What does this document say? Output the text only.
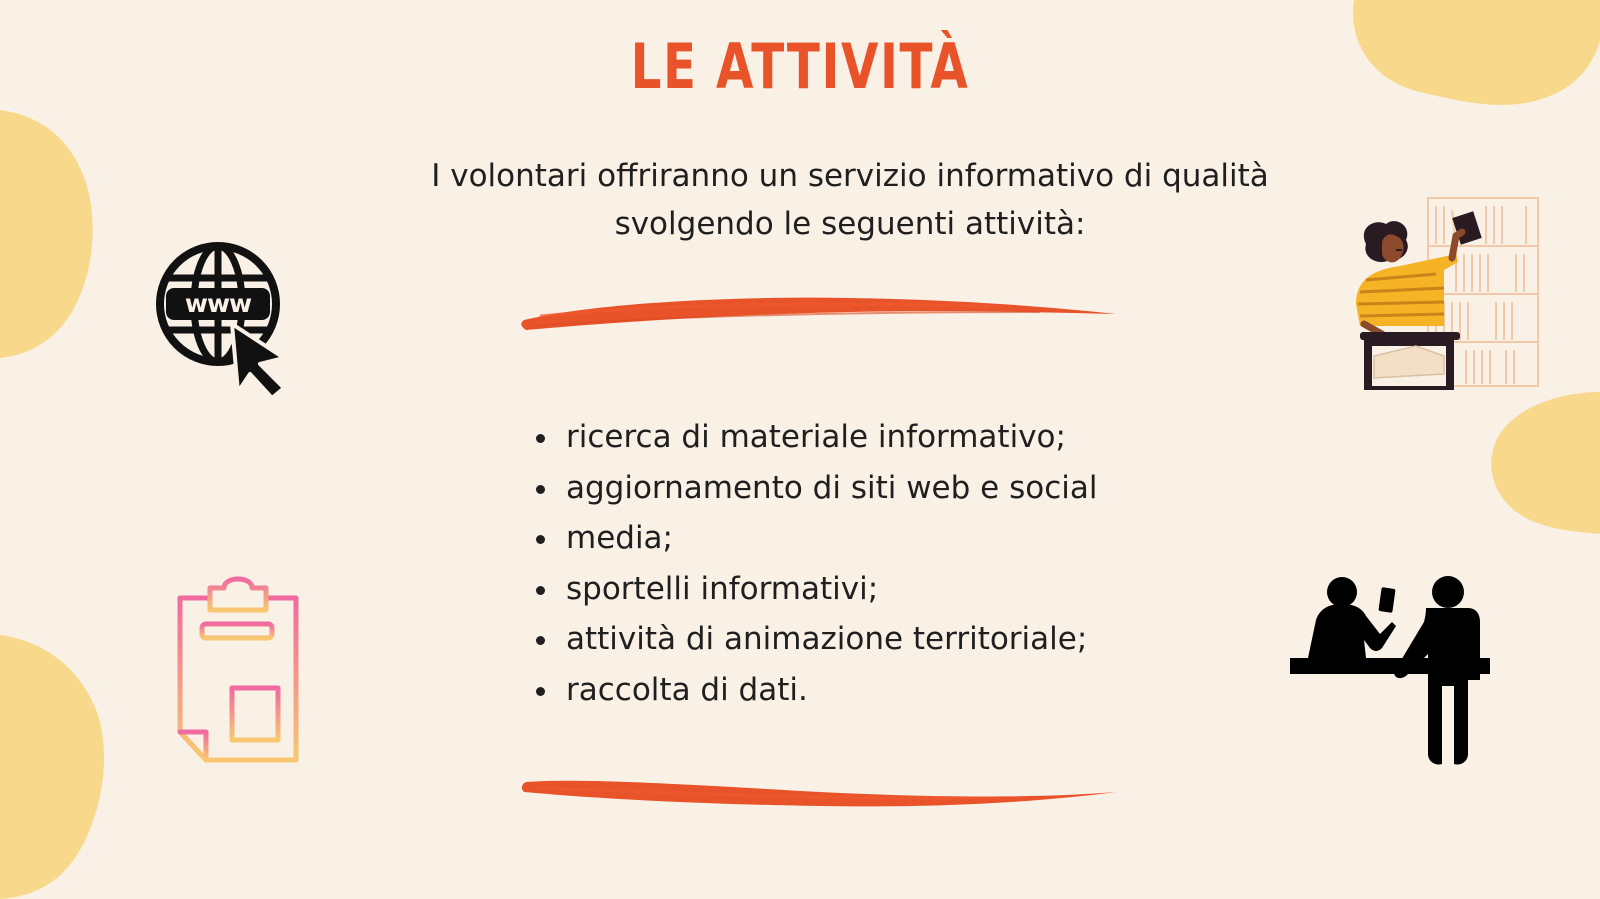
LE ATTIVITÀ

I volontari offriranno un servizio informativo di qualità svolgendo le seguenti attività:

ricerca di materiale informativo;
aggiornamento di siti web e social
media;
sportelli informativi;
attività di animazione territoriale;
raccolta di dati.
www
